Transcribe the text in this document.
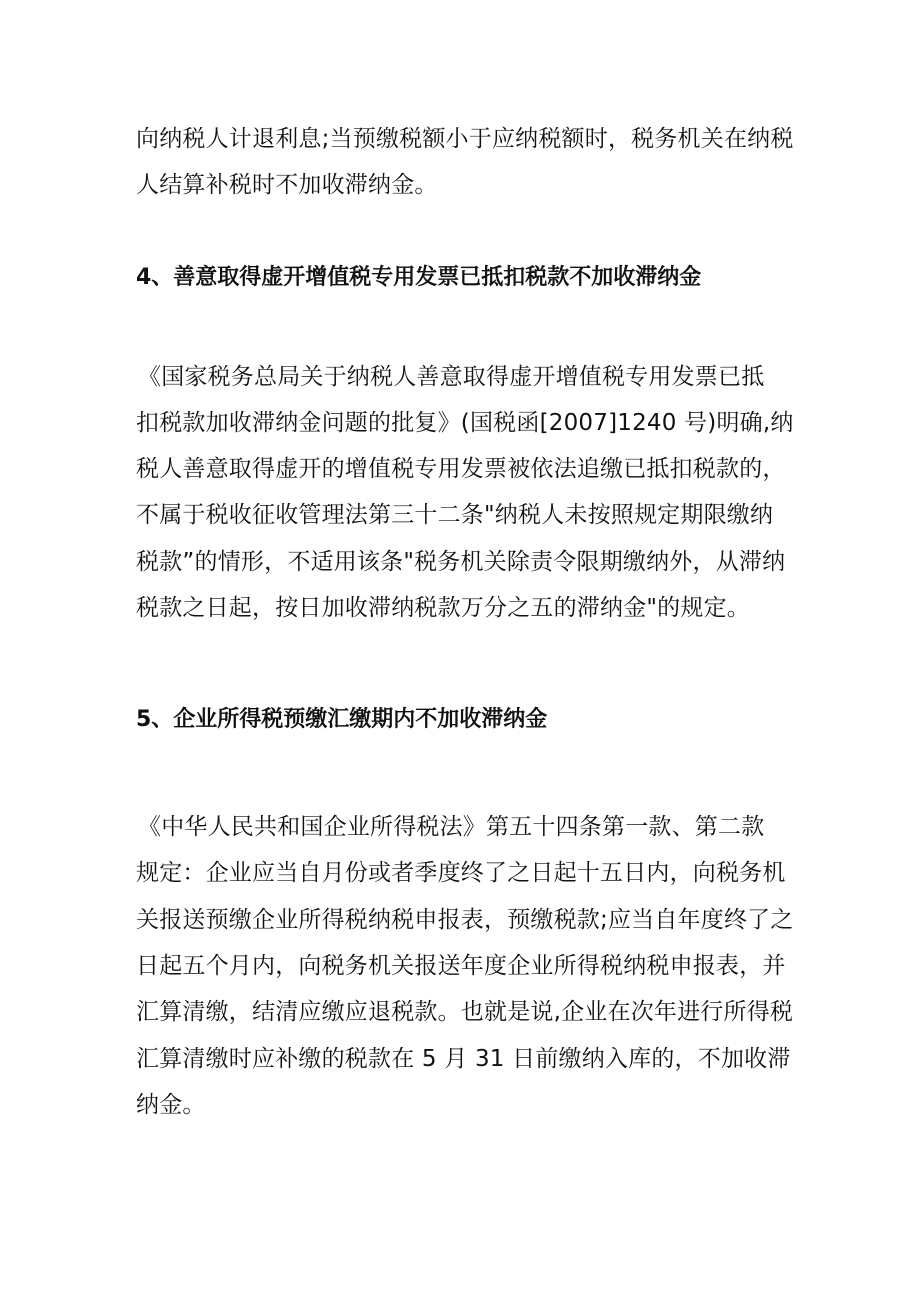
向纳税人计退利息;当预缴税额小于应纳税额时，税务机关在纳税
人结算补税时不加收滞纳金。
4、善意取得虚开增值税专用发票已抵扣税款不加收滞纳金
《国家税务总局关于纳税人善意取得虚开增值税专用发票已抵
扣税款加收滞纳金问题的批复》(国税函[2007]1240 号)明确,纳
税人善意取得虚开的增值税专用发票被依法追缴已抵扣税款的，
不属于税收征收管理法第三十二条"纳税人未按照规定期限缴纳
税款”的情形，不适用该条"税务机关除责令限期缴纳外，从滞纳
税款之日起，按日加收滞纳税款万分之五的滞纳金"的规定。
5、企业所得税预缴汇缴期内不加收滞纳金
《中华人民共和国企业所得税法》第五十四条第一款、第二款
规定：企业应当自月份或者季度终了之日起十五日内，向税务机
关报送预缴企业所得税纳税申报表，预缴税款;应当自年度终了之
日起五个月内，向税务机关报送年度企业所得税纳税申报表，并
汇算清缴，结清应缴应退税款。也就是说,企业在次年进行所得税
汇算清缴时应补缴的税款在 5 月 31 日前缴纳入库的，不加收滞
纳金。
